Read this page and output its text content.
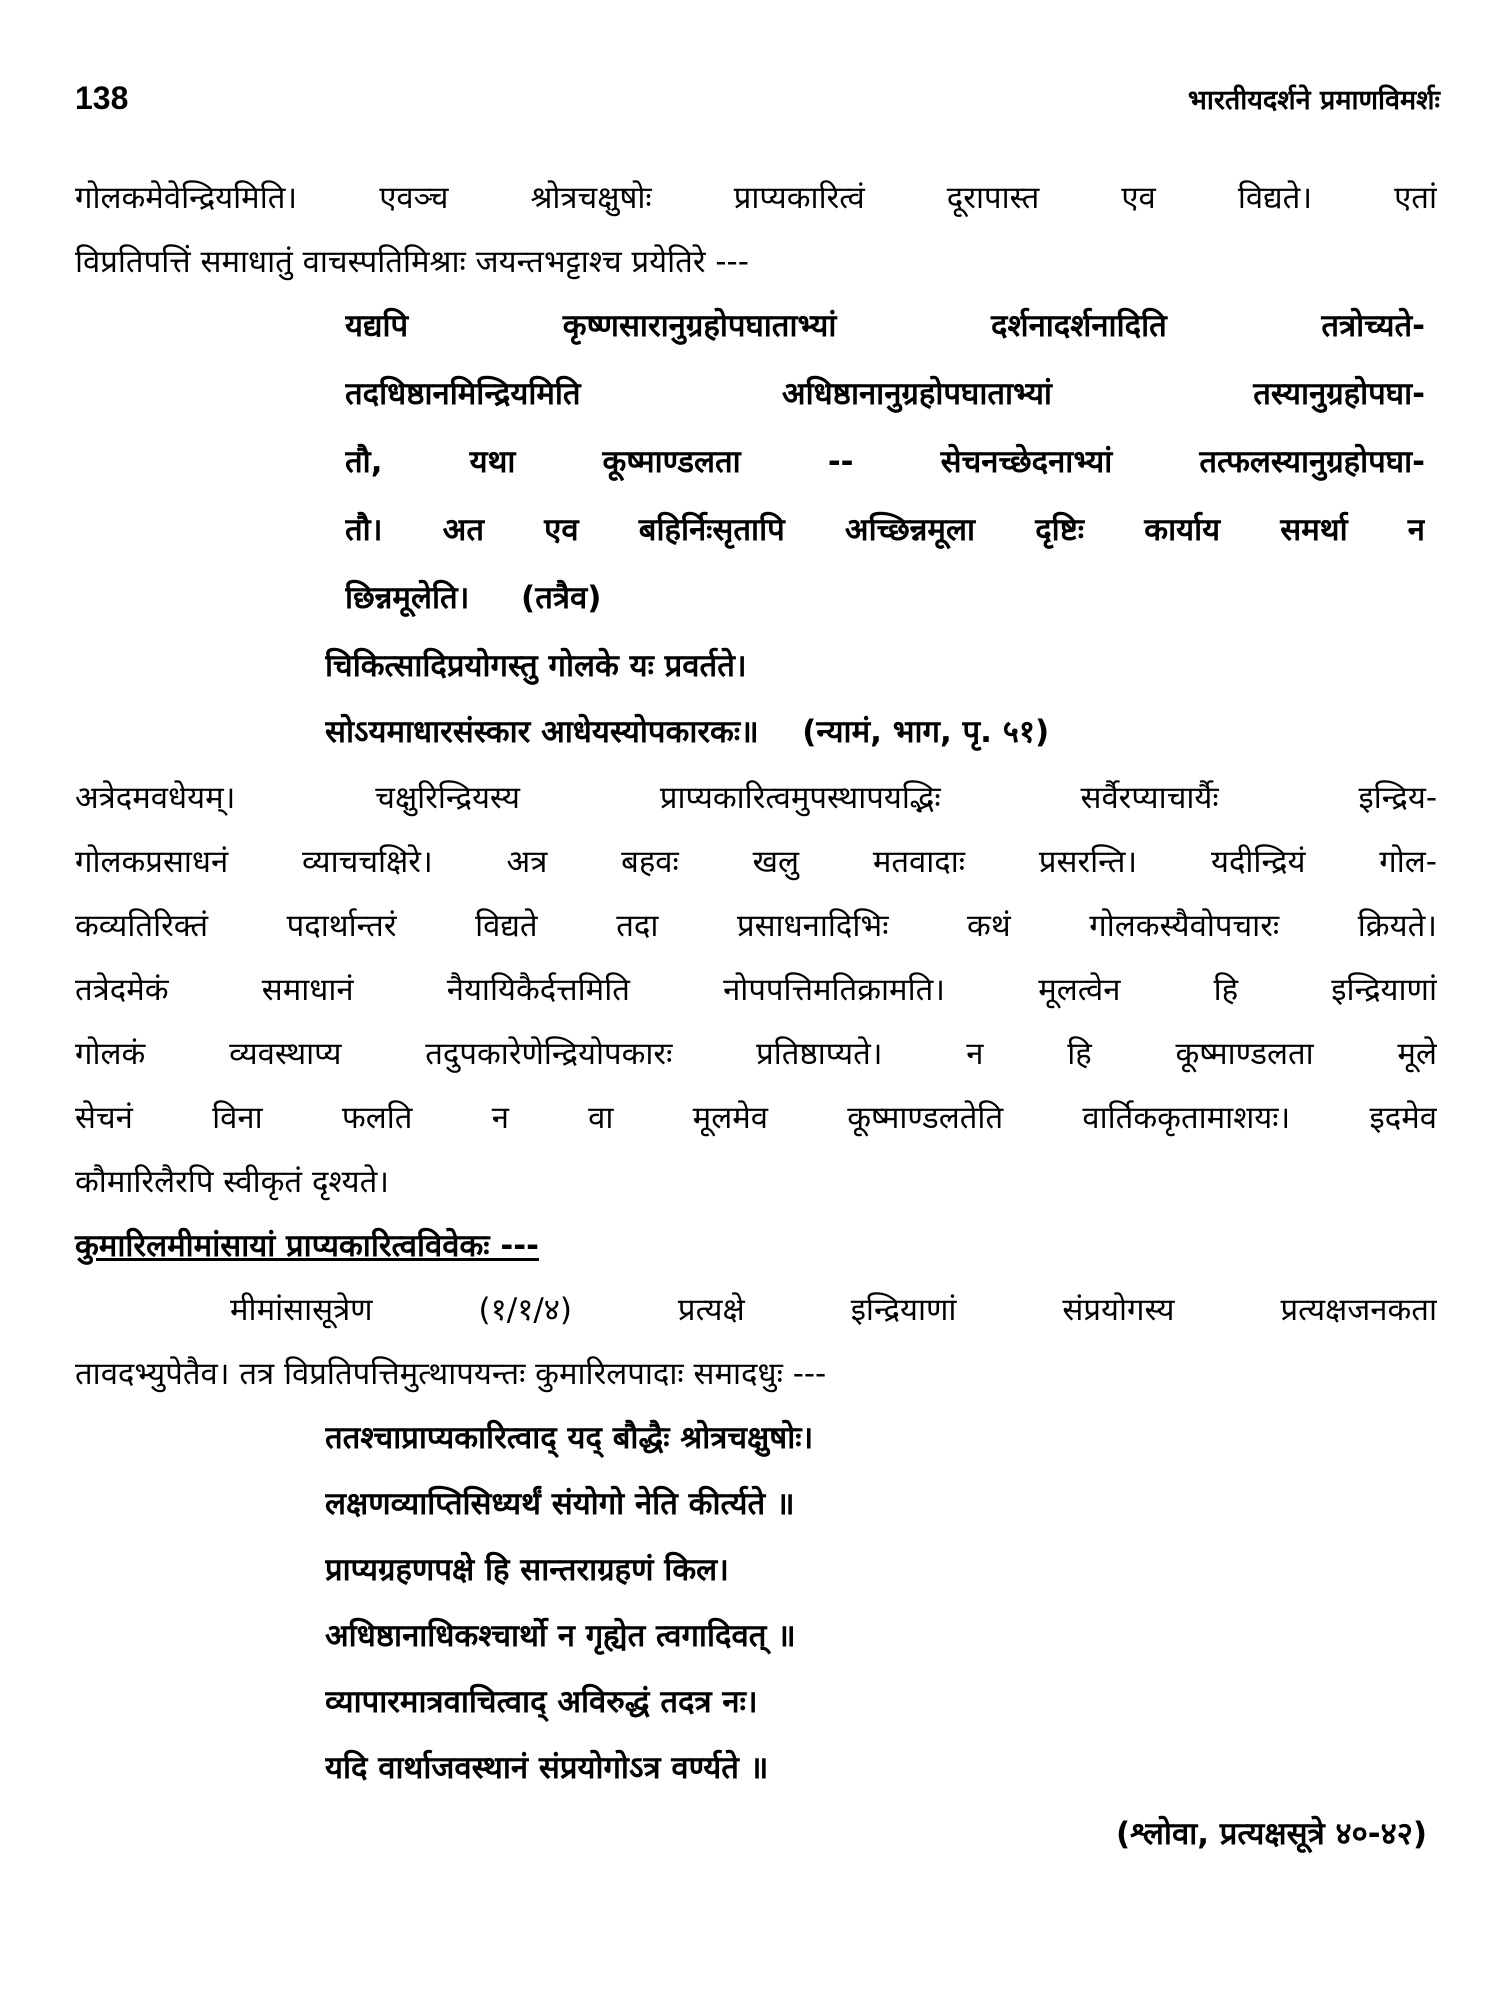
138	भारतीयदर्शने प्रमाणविमर्शः
गोलकमेवेन्द्रियमिति। एवञ्च श्रोत्रचक्षुषोः प्राप्यकारित्वं दूरापास्त एव विद्यते। एतां
विप्रतिपत्तिं समाधातुं वाचस्पतिमिश्राः जयन्तभट्टाश्च प्रयेतिरे ---
यद्यपि कृष्णसारानुग्रहोपघाताभ्यां दर्शनादर्शनादिति तत्रोच्यते-
तदधिष्ठानमिन्द्रियमिति अधिष्ठानानुग्रहोपघाताभ्यां तस्यानुग्रहोपघा-
तौ, यथा कूष्माण्डलता -- सेचनच्छेदनाभ्यां तत्फलस्यानुग्रहोपघा-
तौ। अत एव बहिर्निःसृतापि अच्छिन्नमूला दृष्टिः कार्याय समर्था न
छिन्नमूलेति। (तत्रैव)
चिकित्सादिप्रयोगस्तु गोलके यः प्रवर्तते।
सोऽयमाधारसंस्कार आधेयस्योपकारकः॥ (न्यामं, भाग, पृ. ५१)
अत्रेदमवधेयम्। चक्षुरिन्द्रियस्य प्राप्यकारित्वमुपस्थापयद्भिः सर्वैरप्याचार्यैः इन्द्रिय-
गोलकप्रसाधनं व्याचचक्षिरे। अत्र बहवः खलु मतवादाः प्रसरन्ति। यदीन्द्रियं गोल-
कव्यतिरिक्तं पदार्थान्तरं विद्यते तदा प्रसाधनादिभिः कथं गोलकस्यैवोपचारः क्रियते।
तत्रेदमेकं समाधानं नैयायिकैर्दत्तमिति नोपपत्तिमतिक्रामति। मूलत्वेन हि इन्द्रियाणां
गोलकं व्यवस्थाप्य तदुपकारेणेन्द्रियोपकारः प्रतिष्ठाप्यते। न हि कूष्माण्डलता मूले
सेचनं विना फलति न वा मूलमेव कूष्माण्डलतेति वार्तिककृतामाशयः। इदमेव
कौमारिलैरपि स्वीकृतं दृश्यते।
कुमारिलमीमांसायां प्राप्यकारित्वविवेकः ---
मीमांसासूत्रेण (१/१/४) प्रत्यक्षे इन्द्रियाणां संप्रयोगस्य प्रत्यक्षजनकता
तावदभ्युपेतैव। तत्र विप्रतिपत्तिमुत्थापयन्तः कुमारिलपादाः समादधुः ---
ततश्चाप्राप्यकारित्वाद् यद् बौद्धैः श्रोत्रचक्षुषोः।
लक्षणव्याप्तिसिध्यर्थं संयोगो नेति कीर्त्यते ॥
प्राप्यग्रहणपक्षे हि सान्तराग्रहणं किल।
अधिष्ठानाधिकश्चार्थो न गृह्येत त्वगादिवत् ॥
व्यापारमात्रवाचित्वाद् अविरुद्धं तदत्र नः।
यदि वार्थाजवस्थानं संप्रयोगोऽत्र वर्ण्यते ॥
(श्लोवा, प्रत्यक्षसूत्रे ४०-४२)
